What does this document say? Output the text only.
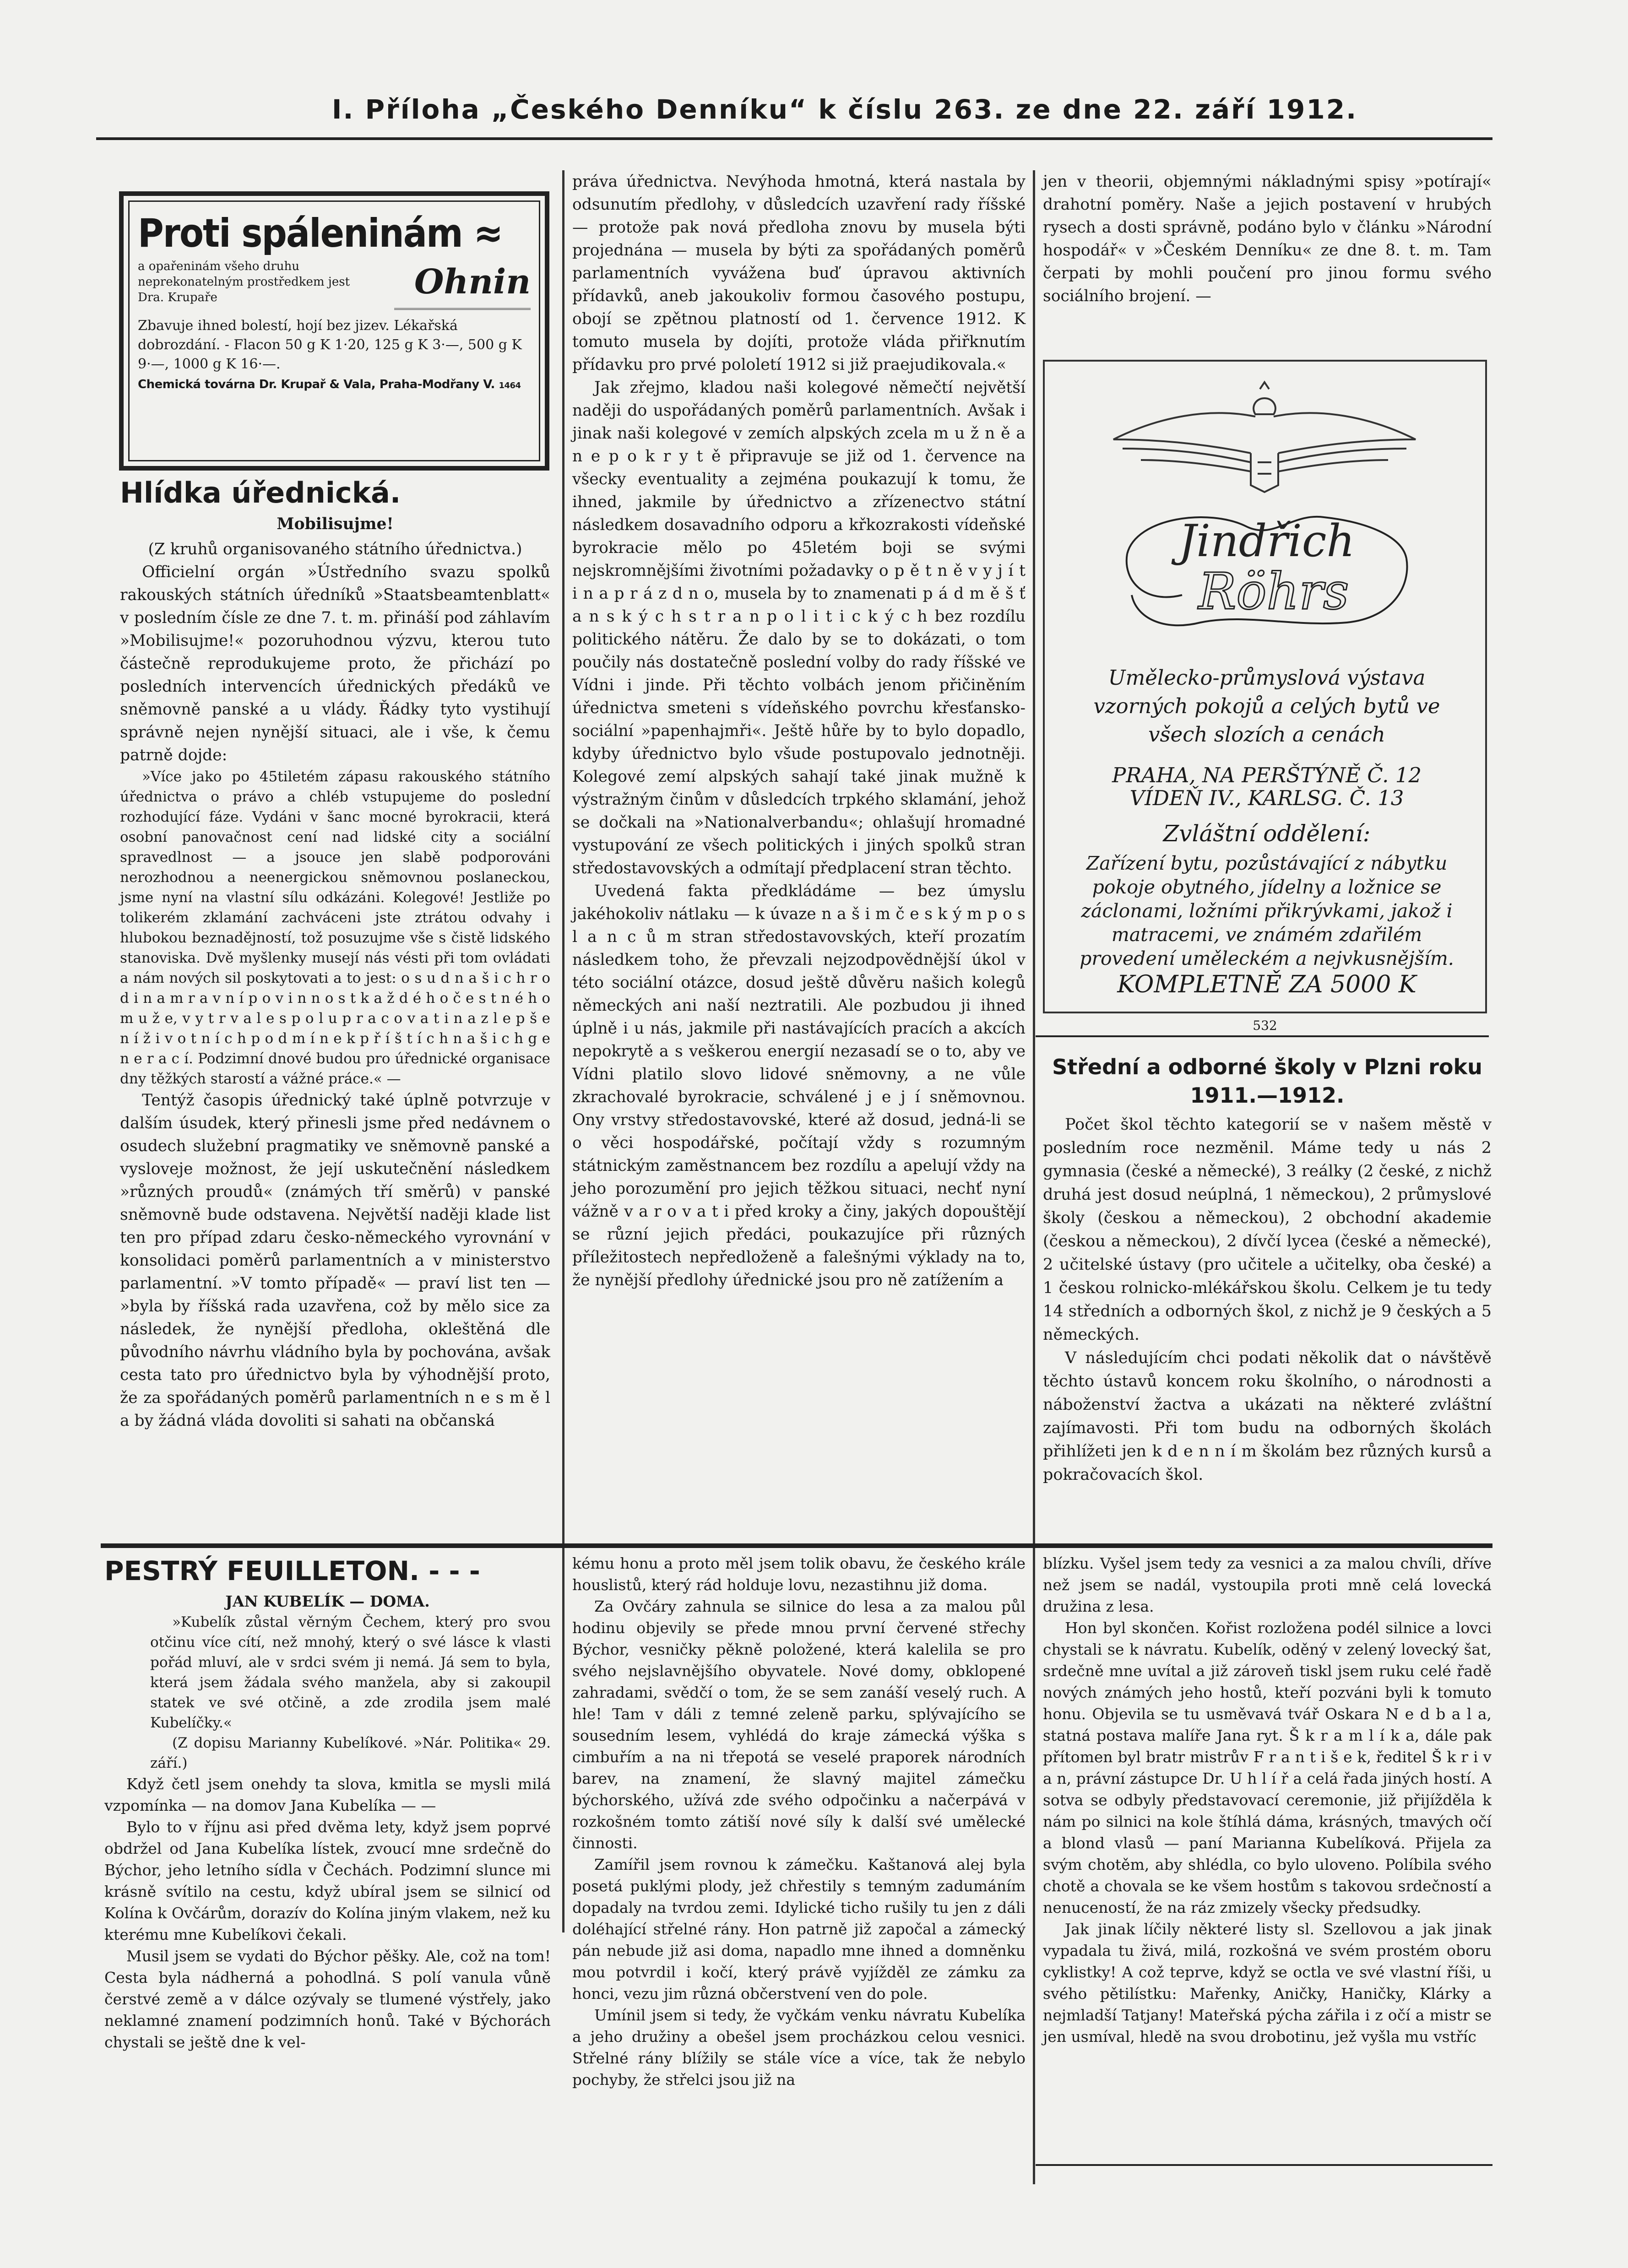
I. Příloha „Českého Denníku“ k číslu 263. ze dne 22. září 1912.
Proti spáleninám ≈
a opařeninám všeho druhu neprekonatelným prostředkem jest Dra. Krupaře	Ohnin
Zbavuje ihned bolestí, hojí bez jizev. Lékařská dobrozdání. - Flacon 50 g K 1·20, 125 g K 3·—, 500 g K 9·—, 1000 g K 16·—.
Chemická továrna Dr. Krupař & Vala, Praha-Modřany V. 1464
Hlídka úřednická.
Mobilisujme!

(Z kruhů organisovaného státního úřednictva.)

Officielní orgán »Ústředního svazu spolků rakouských státních úředníků »Staatsbeamtenblatt« v posledním čísle ze dne 7. t. m. přináší pod záhlavím »Mobilisujme!« pozoruhodnou výzvu, kterou tuto částečně reprodukujeme proto, že přichází po posledních intervencích úřednických předáků ve sněmovně panské a u vlády. Řádky tyto vystihují správně nejen nynější situaci, ale i vše, k čemu patrně dojde:

»Více jako po 45tiletém zápasu rakouského státního úřednictva o právo a chléb vstupujeme do poslední rozhodující fáze. Vydáni v šanc mocné byrokracii, která osobní panovačnost cení nad lidské city a sociální spravedlnost — a jsouce jen slabě podporováni nerozhodnou a neenergickou sněmovnou poslaneckou, jsme nyní na vlastní sílu odkázáni. Kolegové! Jestliže po tolikerém zklamání zachváceni jste ztrátou odvahy i hlubokou beznadějností, tož posuzujme vše s čistě lidského stanoviska. Dvě myšlenky musejí nás vésti při tom ovládati a nám nových sil poskytovati a to jest: o s u d n a š i c h r o d i n a m r a v n í p o v i n n o s t k a ž d é h o č e s t n é h o m u ž e, v y t r v a l e s p o l u p r a c o v a t i n a z l e p š e n í ž i v o t n í c h p o d m í n e k p ř í š t í c h n a š i c h g e n e r a c í. Podzimní dnové budou pro úřednické organisace dny těžkých starostí a vážné práce.« —

Tentýž časopis úřednický také úplně potvrzuje v dalším úsudek, který přinesli jsme před nedávnem o osudech služební pragmatiky ve sněmovně panské a vysloveje možnost, že její uskutečnění následkem »různých proudů« (známých tří směrů) v panské sněmovně bude odstavena. Největší naději klade list ten pro případ zdaru česko-německého vyrovnání v konsolidaci poměrů parlamentních a v ministerstvo parlamentní. »V tomto případě« — praví list ten — »byla by říšská rada uzavřena, což by mělo sice za následek, že nynější předloha, okleštěná dle původního návrhu vládního byla by pochována, avšak cesta tato pro úřednictvo byla by výhodnější proto, že za spořádaných poměrů parlamentních n e s m ě l a by žádná vláda dovoliti si sahati na občanská

práva úřednictva. Nevýhoda hmotná, která nastala by odsunutím předlohy, v důsledcích uzavření rady říšské — protože pak nová předloha znovu by musela býti projednána — musela by býti za spořádaných poměrů parlamentních vyvážena buď úpravou aktivních přídavků, aneb jakoukoliv formou časového postupu, obojí se zpětnou platností od 1. července 1912. K tomuto musela by dojíti, protože vláda přiřknutím přídavku pro prvé pololetí 1912 si již praejudikovala.«

Jak zřejmo, kladou naši kolegové němečtí největší naději do uspořádaných poměrů parlamentních. Avšak i jinak naši kolegové v zemích alpských zcela m u ž n ě a n e p o k r y t ě připravuje se již od 1. července na všecky eventuality a zejména poukazují k tomu, že ihned, jakmile by úřednictvo a zřízenectvo státní následkem dosavadního odporu a křkozrakosti vídeňské byrokracie mělo po 45letém boji se svými nejskromnějšími životními požadavky o p ě t n ě v y j í t i n a p r á z d n o, musela by to znamenati p á d m ě š ť a n s k ý c h s t r a n p o l i t i c k ý c h bez rozdílu politického nátěru. Že dalo by se to dokázati, o tom poučily nás dostatečně poslední volby do rady říšské ve Vídni i jinde. Při těchto volbách jenom přičiněním úřednictva smeteni s vídeňského povrchu křesťansko-sociální »papenhajmři«. Ještě hůře by to bylo dopadlo, kdyby úřednictvo bylo všude postupovalo jednotněji. Kolegové zemí alpských sahají také jinak mužně k výstražným činům v důsledcích trpkého sklamání, jehož se dočkali na »Nationalverbandu«; ohlašují hromadné vystupování ze všech politických i jiných spolků stran středostavovských a odmítají předplacení stran těchto.

Uvedená fakta předkládáme — bez úmyslu jakéhokoliv nátlaku — k úvaze n a š i m č e s k ý m p o s l a n c ů m stran středostavovských, kteří prozatím následkem toho, že převzali nejzodpovědnější úkol v této sociální otázce, dosud ještě důvěru našich kolegů německých ani naší neztratili. Ale pozbudou ji ihned úplně i u nás, jakmile při nastávajících pracích a akcích nepokrytě a s veškerou energií nezasadí se o to, aby ve Vídni platilo slovo lidové sněmovny, a ne vůle zkrachovalé byrokracie, schválené j e j í sněmovnou. Ony vrstvy středostavovské, které až dosud, jedná-li se o věci hospodářské, počítají vždy s rozumným státnickým zaměstnancem bez rozdílu a apelují vždy na jeho porozumění pro jejich těžkou situaci, nechť nyní vážně v a r o v a t i před kroky a činy, jakých dopouštějí se různí jejich předáci, poukazujíce při různých příležitostech nepředloženě a falešnými výklady na to, že nynější předlohy úřednické jsou pro ně zatížením a

jen v theorii, objemnými nákladnými spisy »potírají« drahotní poměry. Naše a jejich postavení v hrubých rysech a dosti správně, podáno bylo v článku »Národní hospodář« v »Českém Denníku« ze dne 8. t. m. Tam čerpati by mohli poučení pro jinou formu svého sociálního brojení. —

Jindřich
Röhrs
Umělecko-průmyslová výstava vzorných pokojů a celých bytů ve všech slozích a cenách
PRAHA, NA PERŠTÝNĚ Č. 12
VÍDEŇ IV., KARLSG. Č. 13
Zvláštní oddělení:
Zařízení bytu, pozůstávající z nábytku pokoje obytného, jídelny a ložnice se záclonami, ložními přikrývkami, jakož i matracemi, ve známém zdařilém provedení uměleckém a nejvkusnějším.
KOMPLETNĚ ZA 5000 K
532
Střední a odborné školy v Plzni roku 1911.—1912.

Počet škol těchto kategorií se v našem městě v posledním roce nezměnil. Máme tedy u nás 2 gymnasia (české a německé), 3 reálky (2 české, z nichž druhá jest dosud neúplná, 1 německou), 2 průmyslové školy (českou a německou), 2 obchodní akademie (českou a německou), 2 dívčí lycea (české a německé), 2 učitelské ústavy (pro učitele a učitelky, oba české) a 1 českou rolnicko-mlékářskou školu. Celkem je tu tedy 14 středních a odborných škol, z nichž je 9 českých a 5 německých.

V následujícím chci podati několik dat o návštěvě těchto ústavů koncem roku školního, o národnosti a náboženství žactva a ukázati na některé zvláštní zajímavosti. Při tom budu na odborných školách přihlížeti jen k d e n n í m školám bez různých kursů a pokračovacích škol.

PESTRÝ FEUILLETON. - - -

JAN KUBELÍK — DOMA.

»Kubelík zůstal věrným Čechem, který pro svou otčinu více cítí, než mnohý, který o své lásce k vlasti pořád mluví, ale v srdci svém ji nemá. Já sem to byla, která jsem žádala svého manžela, aby si zakoupil statek ve své otčině, a zde zrodila jsem malé Kubelíčky.«

(Z dopisu Marianny Kubelíkové. »Nár. Politika« 29. září.)

Když četl jsem onehdy ta slova, kmitla se mysli milá vzpomínka — na domov Jana Kubelíka — —

Bylo to v říjnu asi před dvěma lety, když jsem poprvé obdržel od Jana Kubelíka lístek, zvoucí mne srdečně do Býchor, jeho letního sídla v Čechách. Podzimní slunce mi krásně svítilo na cestu, když ubíral jsem se silnicí od Kolína k Ovčárům, dorazív do Kolína jiným vlakem, než ku kterému mne Kubelíkovi čekali.

Musil jsem se vydati do Býchor pěšky. Ale, což na tom! Cesta byla nádherná a pohodlná. S polí vanula vůně čerstvé země a v dálce ozývaly se tlumené výstřely, jako neklamné znamení podzimních honů. Také v Býchorách chystali se ještě dne k vel-

kému honu a proto měl jsem tolik obavu, že českého krále houslistů, který rád holduje lovu, nezastihnu již doma.

Za Ovčáry zahnula se silnice do lesa a za malou půl hodinu objevily se přede mnou první červené střechy Býchor, vesničky pěkně položené, která kalelila se pro svého nejslavnějšího obyvatele. Nové domy, obklopené zahradami, svědčí o tom, že se sem zanáší veselý ruch. A hle! Tam v dáli z temné zeleně parku, splývajícího se sousedním lesem, vyhlédá do kraje zámecká výška s cimbuřím a na ni třepotá se veselé praporek národních barev, na znamení, že slavný majitel zámečku býchorského, užívá zde svého odpočinku a načerpává v rozkošném tomto zátiší nové síly k další své umělecké činnosti.

Zamířil jsem rovnou k zámečku. Kaštanová alej byla posetá puklými plody, jež chřestily s temným zadumáním dopadaly na tvrdou zemi. Idylické ticho rušily tu jen z dáli doléhající střelné rány. Hon patrně již započal a zámecký pán nebude již asi doma, napadlo mne ihned a domněnku mou potvrdil i kočí, který právě vyjížděl ze zámku za honci, vezu jim různá občerstvení ven do pole.

Umínil jsem si tedy, že vyčkám venku návratu Kubelíka a jeho družiny a obešel jsem procházkou celou vesnici. Střelné rány blížily se stále více a více, tak že nebylo pochyby, že střelci jsou již na

blízku. Vyšel jsem tedy za vesnici a za malou chvíli, dříve než jsem se nadál, vystoupila proti mně celá lovecká družina z lesa.

Hon byl skončen. Kořist rozložena podél silnice a lovci chystali se k návratu. Kubelík, oděný v zelený lovecký šat, srdečně mne uvítal a již zároveň tiskl jsem ruku celé řadě nových známých jeho hostů, kteří pozváni byli k tomuto honu. Objevila se tu usměvavá tvář Oskara N e d b a l a, statná postava malíře Jana ryt. Š k r a m l í k a, dále pak přítomen byl bratr mistrův F r a n t i š e k, ředitel Š k r i v a n, právní zástupce Dr. U h l í ř a celá řada jiných hostí. A sotva se odbyly představovací ceremonie, již přijížděla k nám po silnici na kole štíhlá dáma, krásných, tmavých očí a blond vlasů — paní Marianna Kubelíková. Přijela za svým chotěm, aby shlédla, co bylo uloveno. Políbila svého chotě a chovala se ke všem hostům s takovou srdečností a nenuceností, že na ráz zmizely všecky předsudky.

Jak jinak líčily některé listy sl. Szellovou a jak jinak vypadala tu živá, milá, rozkošná ve svém prostém oboru cyklistky! A což teprve, když se octla ve své vlastní říši, u svého pětilístku: Mařenky, Aničky, Haničky, Klárky a nejmladší Tatjany! Mateřská pýcha zářila i z očí a mistr se jen usmíval, hledě na svou drobotinu, jež vyšla mu vstříc
